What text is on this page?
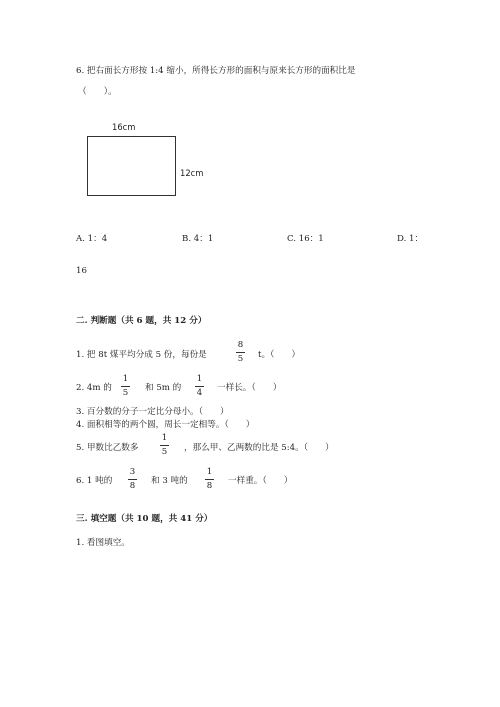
6. 把右面长方形按 1:4 缩小，所得长方形的面积与原来长方形的面积比是
（　　）。
16cm
12cm
A. 1：4	B. 4：1	C. 16：1	D. 1：
16
二. 判断题（共 6 题，共 12 分）
1. 把 8t 煤平均分成 5 份，每份是
8
5 t。（　　）
2. 4m 的
1
5 和 5m 的
1
4 一样长。（　　）
3. 百分数的分子一定比分母小。（　　）
4. 面积相等的两个圆，周长一定相等。（　　）
5. 甲数比乙数多
1
5 ，那么甲、乙两数的比是 5:4。（　　）
6. 1 吨的
3
8 和 3 吨的
1
8 一样重。（　　）
三. 填空题（共 10 题，共 41 分）
1. 看图填空。
